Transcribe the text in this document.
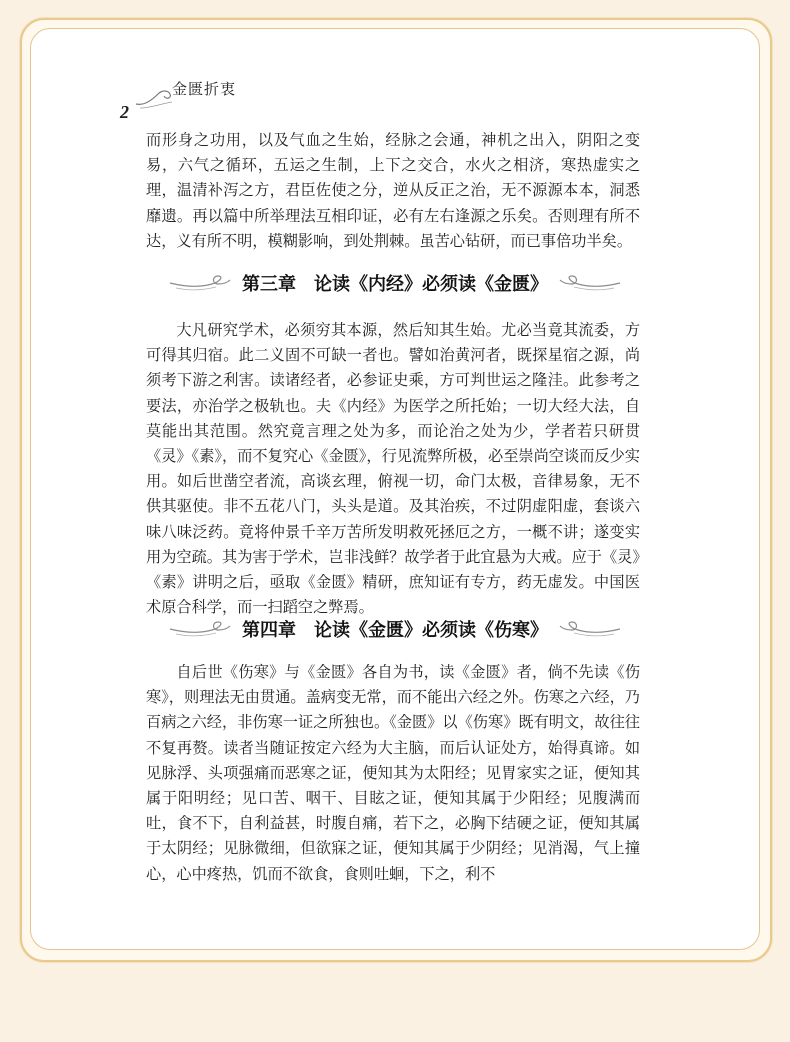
金匮折衷
2

而形身之功用，以及气血之生始，经脉之会通，神机之出入，阴阳之变易，六气之循环，五运之生制，上下之交合，水火之相济，寒热虚实之理，温清补泻之方，君臣佐使之分，逆从反正之治，无不源源本本，洞悉靡遗。再以篇中所举理法互相印证，必有左右逢源之乐矣。否则理有所不达，义有所不明，模糊影响，到处荆棘。虽苦心钻研，而已事倍功半矣。

第三章　论读《内经》必须读《金匮》

大凡研究学术，必须穷其本源，然后知其生始。尤必当竟其流委，方可得其归宿。此二义固不可缺一者也。譬如治黄河者，既探星宿之源，尚须考下游之利害。读诸经者，必参证史乘，方可判世运之隆洼。此参考之要法，亦治学之极轨也。夫《内经》为医学之所托始；一切大经大法，自莫能出其范围。然究竟言理之处为多，而论治之处为少，学者若只研贯《灵》《素》，而不复究心《金匮》，行见流弊所极，必至崇尚空谈而反少实用。如后世凿空者流，高谈玄理，俯视一切，命门太极，音律易象，无不供其驱使。非不五花八门，头头是道。及其治疾，不过阴虚阳虚，套谈六味八味泛药。竟将仲景千辛万苦所发明救死拯厄之方，一概不讲；遂变实用为空疏。其为害于学术，岂非浅鲜？故学者于此宜悬为大戒。应于《灵》《素》讲明之后，亟取《金匮》精研，庶知证有专方，药无虚发。中国医术原合科学，而一扫蹈空之弊焉。

第四章　论读《金匮》必须读《伤寒》

自后世《伤寒》与《金匮》各自为书，读《金匮》者，倘不先读《伤寒》，则理法无由贯通。盖病变无常，而不能出六经之外。伤寒之六经，乃百病之六经，非伤寒一证之所独也。《金匮》以《伤寒》既有明文，故往往不复再赘。读者当随证按定六经为大主脑，而后认证处方，始得真谛。如见脉浮、头项强痛而恶寒之证，便知其为太阳经；见胃家实之证，便知其属于阳明经；见口苦、咽干、目眩之证，便知其属于少阳经；见腹满而吐，食不下，自利益甚，时腹自痛，若下之，必胸下结硬之证，便知其属于太阴经；见脉微细，但欲寐之证，便知其属于少阴经；见消渴，气上撞心，心中疼热，饥而不欲食，食则吐蛔，下之，利不
